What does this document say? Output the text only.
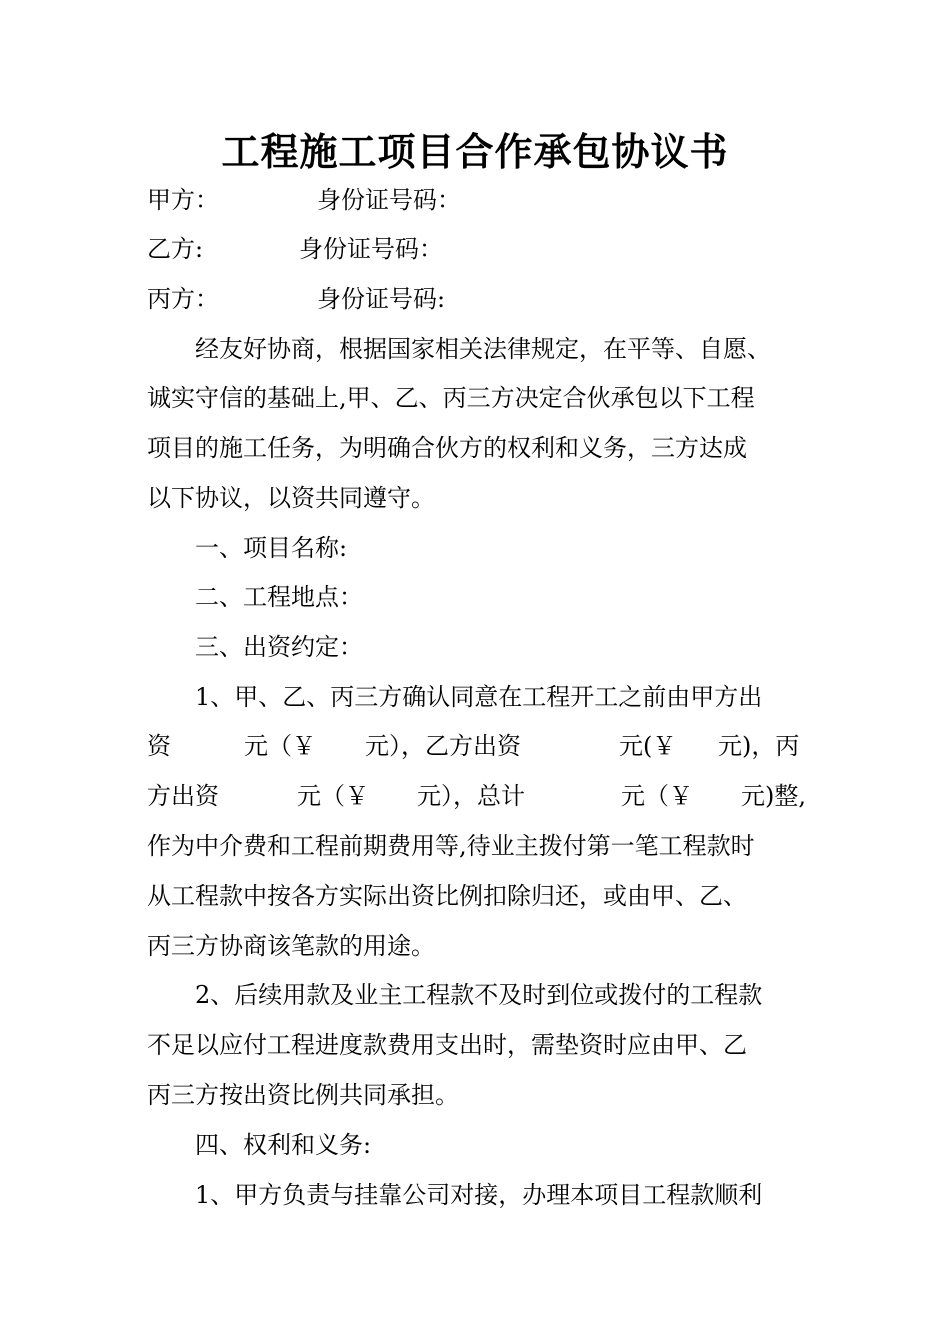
工程施工项目合作承包协议书
甲方：	身份证号码：
乙方:	身份证号码：
丙方：	身份证号码:
经友好协商，根据国家相关法律规定，在平等、自愿、
诚实守信的基础上,甲、乙、丙三方决定合伙承包以下工程
项目的施工任务，为明确合伙方的权利和义务，三方达成
以下协议，以资共同遵守。
一、项目名称:
二、工程地点：
三、出资约定：
1、甲、乙、丙三方确认同意在工程开工之前由甲方出
资	元（￥ 元），乙方出资	元(￥ 元)，丙
方出资	元（￥ 元），总计	元（￥ 元)整,
作为中介费和工程前期费用等,待业主拨付第一笔工程款时
从工程款中按各方实际出资比例扣除归还，或由甲、乙、
丙三方协商该笔款的用途。
2、后续用款及业主工程款不及时到位或拨付的工程款
不足以应付工程进度款费用支出时，需垫资时应由甲、乙
丙三方按出资比例共同承担。
四、权利和义务:
1、甲方负责与挂靠公司对接，办理本项目工程款顺利
